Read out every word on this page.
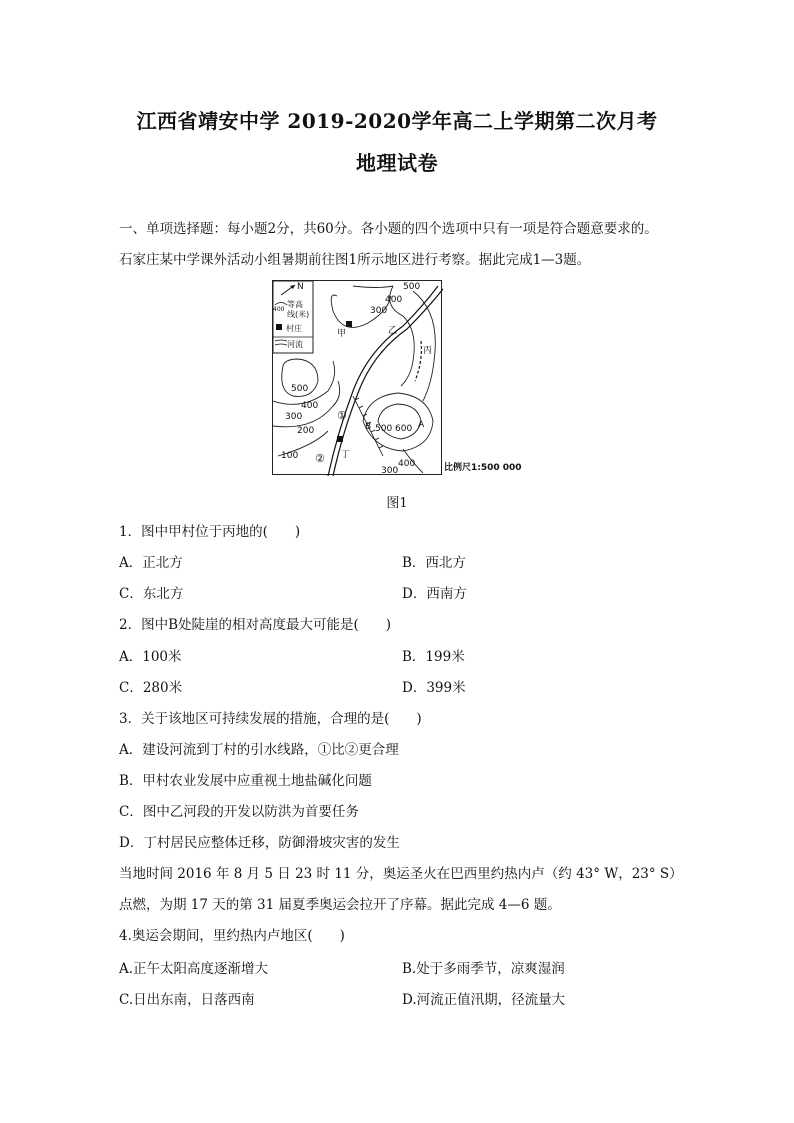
江西省靖安中学 2019-2020学年高二上学期第二次月考
地理试卷
一、单项选择题：每小题2分，共60分。各小题的四个选项中只有一项是符合题意要求的。
石家庄某中学课外活动小组暑期前往图1所示地区进行考察。据此完成1—3题。
N
400
等高
线(米)
村庄
河流
甲	乙
丙
丁
A
B
①
②
500
400
300
500
400
300
200
100
500 600
400
300	比例尺1:500 000
图1
1．图中甲村位于丙地的(　　)
A．正北方	B．西北方
C．东北方	D．西南方
2．图中B处陡崖的相对高度最大可能是(　　)
A．100米	B．199米
C．280米	D．399米
3．关于该地区可持续发展的措施，合理的是(　　)
A．建设河流到丁村的引水线路，①比②更合理
B．甲村农业发展中应重视土地盐碱化问题
C．图中乙河段的开发以防洪为首要任务
D．丁村居民应整体迁移，防御滑坡灾害的发生
当地时间 2016 年 8 月 5 日 23 时 11 分，奥运圣火在巴西里约热内卢（约 43° W，23° S）
点燃，为期 17 天的第 31 届夏季奥运会拉开了序幕。据此完成 4—6 题。
4.奥运会期间，里约热内卢地区(　　)
A.正午太阳高度逐渐增大	B.处于多雨季节，凉爽湿润
C.日出东南，日落西南	D.河流正值汛期，径流量大
